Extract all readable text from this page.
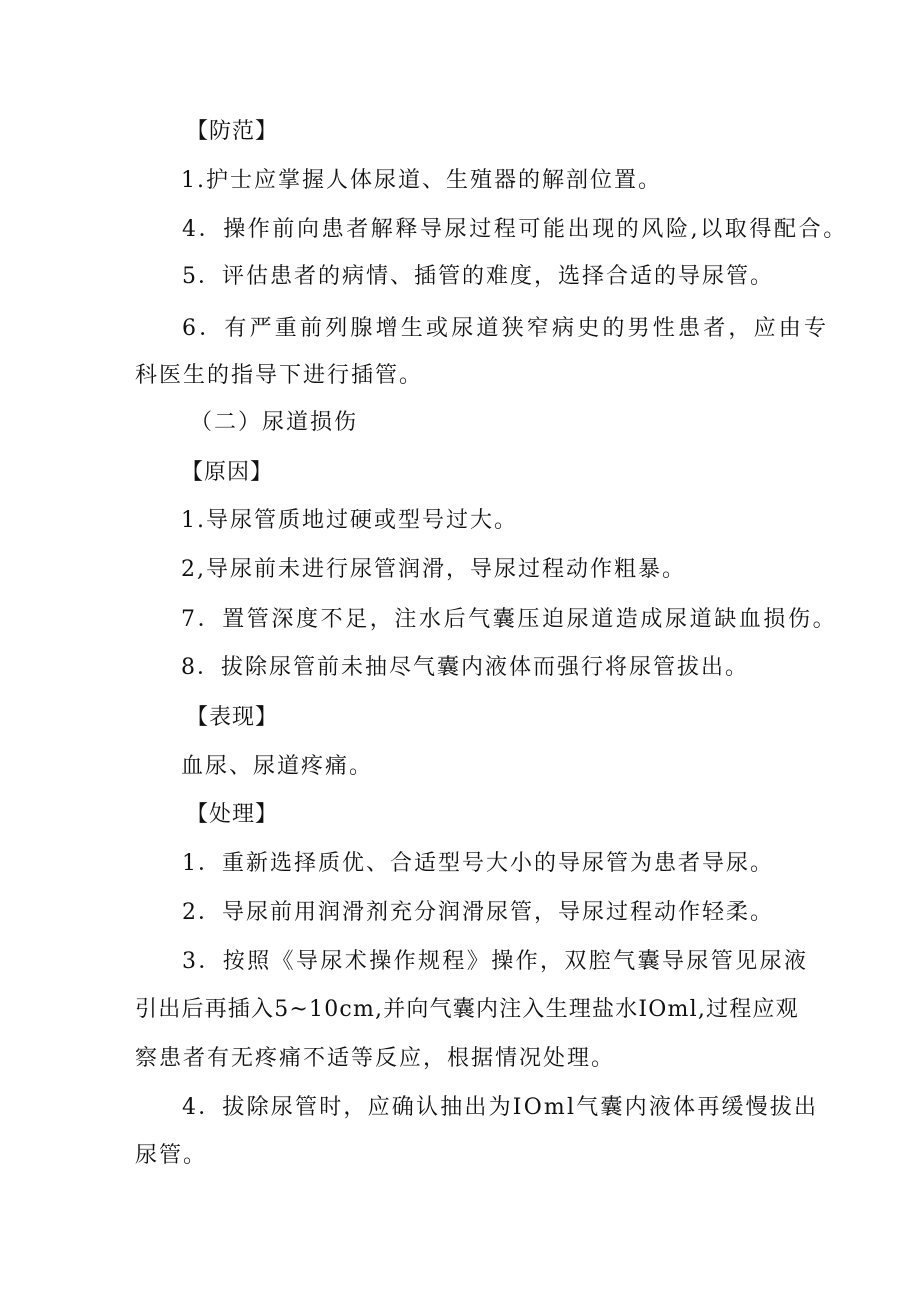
【防范】
1.护士应掌握人体尿道、生殖器的解剖位置。
4．操作前向患者解释导尿过程可能出现的风险,以取得配合。
5．评估患者的病情、插管的难度，选择合适的导尿管。
6．有严重前列腺增生或尿道狭窄病史的男性患者，应由专
科医生的指导下进行插管。
（二）尿道损伤
【原因】
1.导尿管质地过硬或型号过大。
2,导尿前未进行尿管润滑，导尿过程动作粗暴。
7．置管深度不足，注水后气囊压迫尿道造成尿道缺血损伤。
8．拔除尿管前未抽尽气囊内液体而强行将尿管拔出。
【表现】
血尿、尿道疼痛。
【处理】
1．重新选择质优、合适型号大小的导尿管为患者导尿。
2．导尿前用润滑剂充分润滑尿管，导尿过程动作轻柔。
3．按照《导尿术操作规程》操作，双腔气囊导尿管见尿液
引出后再插入5~10cm,并向气囊内注入生理盐水IOml,过程应观
察患者有无疼痛不适等反应，根据情况处理。
4．拔除尿管时，应确认抽出为IOml气囊内液体再缓慢拔出
尿管。
